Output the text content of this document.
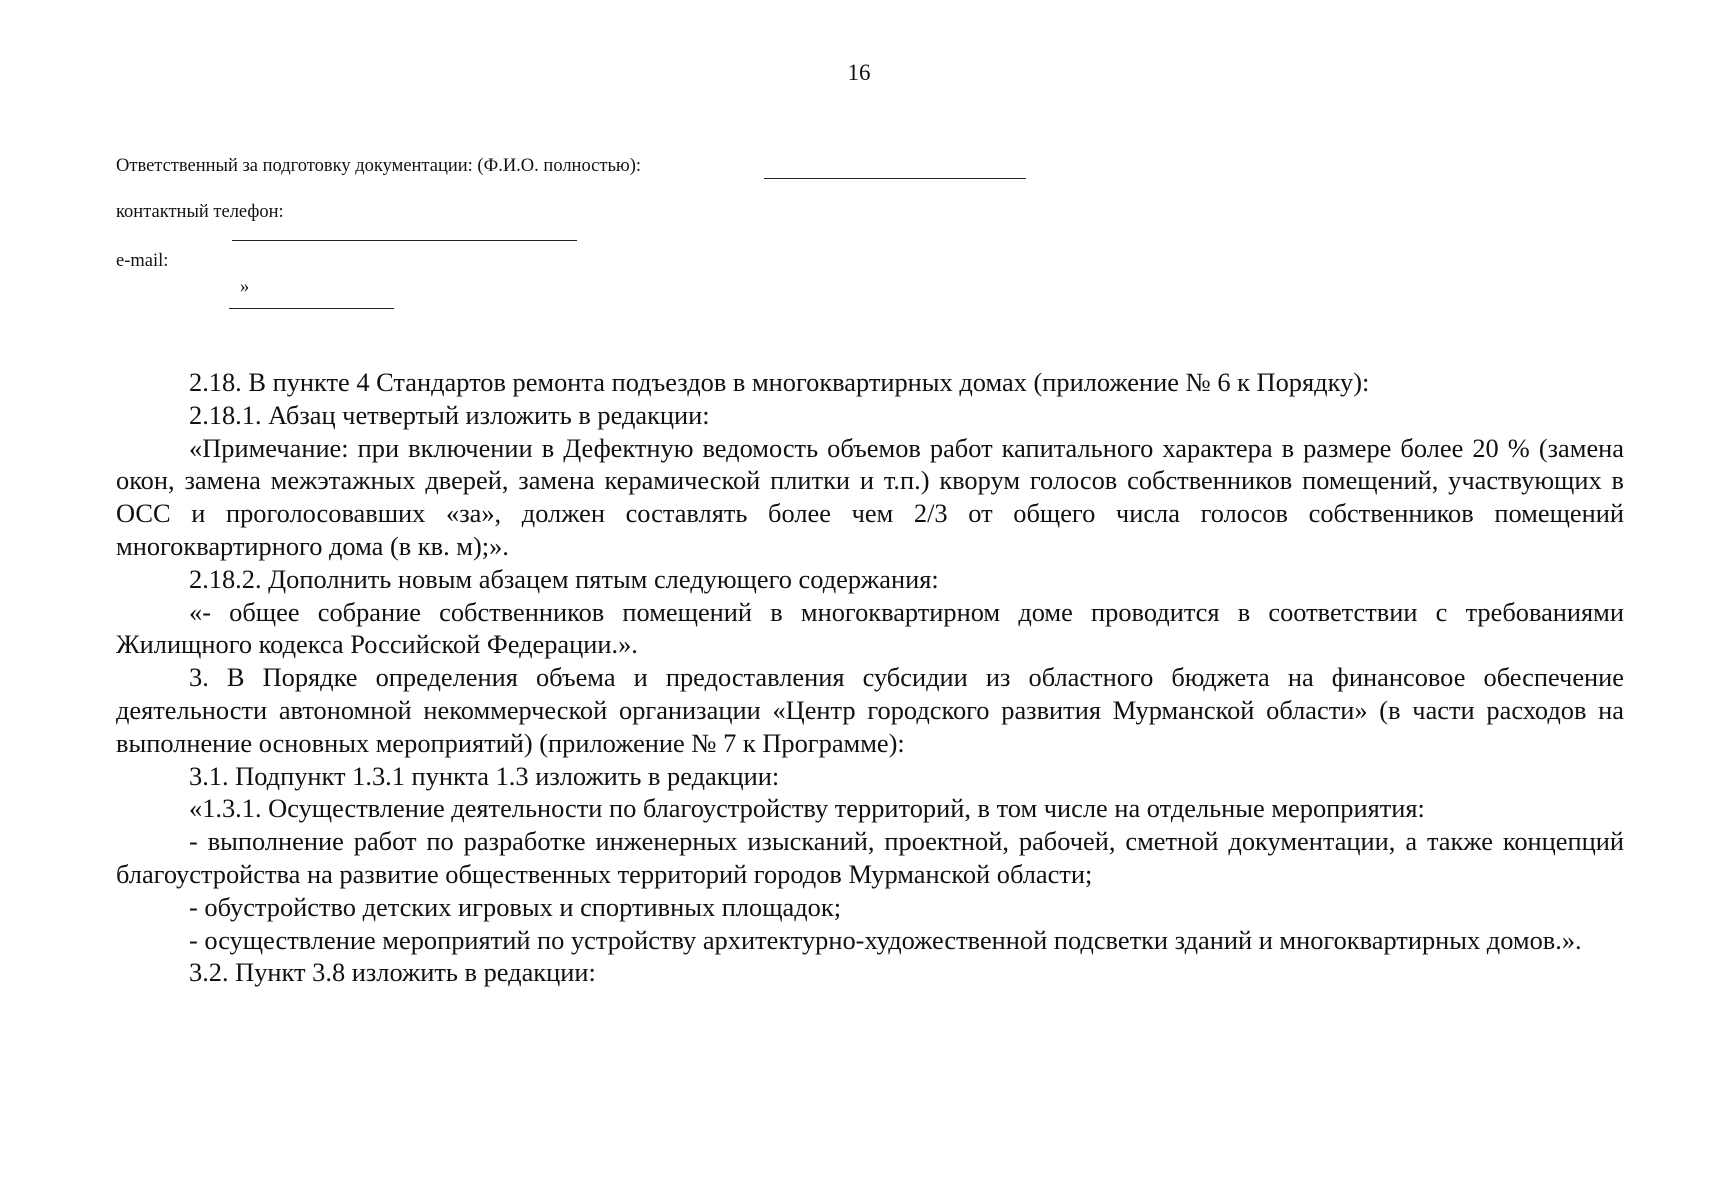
16
Ответственный за подготовку документации: (Ф.И.О. полностью):
контактный телефон:
e-mail:
»

2.18. В пункте 4 Стандартов ремонта подъездов в многоквартирных домах (приложение № 6 к Порядку):

2.18.1. Абзац четвертый изложить в редакции:

«Примечание: при включении в Дефектную ведомость объемов работ капитального характера в размере более 20 % (замена окон, замена межэтажных дверей, замена керамической плитки и т.п.) кворум голосов собственников помещений, участвующих в ОСС и проголосовавших «за», должен составлять более чем 2/3 от общего числа голосов собственников помещений многоквартирного дома (в кв. м);».

2.18.2. Дополнить новым абзацем пятым следующего содержания:

«- общее собрание собственников помещений в многоквартирном доме проводится в соответствии с требованиями Жилищного кодекса Российской Федерации.».

3. В Порядке определения объема и предоставления субсидии из областного бюджета на финансовое обеспечение деятельности автономной некоммерческой организации «Центр городского развития Мурманской области» (в части расходов на выполнение основных мероприятий) (приложение № 7 к Программе):

3.1. Подпункт 1.3.1 пункта 1.3 изложить в редакции:

«1.3.1. Осуществление деятельности по благоустройству территорий, в том числе на отдельные мероприятия:

- выполнение работ по разработке инженерных изысканий, проектной, рабочей, сметной документации, а также концепций благоустройства на развитие общественных территорий городов Мурманской области;

- обустройство детских игровых и спортивных площадок;

- осуществление мероприятий по устройству архитектурно-художественной подсветки зданий и многоквартирных домов.».

3.2. Пункт 3.8 изложить в редакции:
